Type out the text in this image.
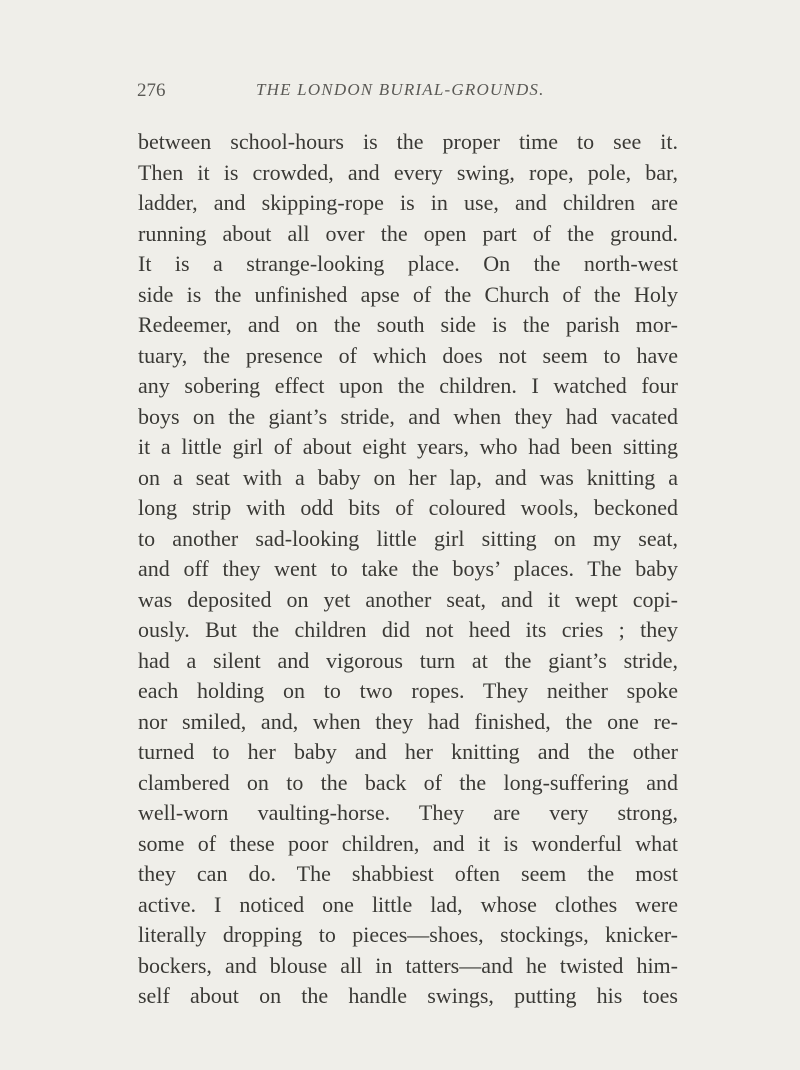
276	THE LONDON BURIAL-GROUNDS.
between school-hours is the proper time to see it.
Then it is crowded, and every swing, rope, pole, bar,
ladder, and skipping-rope is in use, and children are
running about all over the open part of the ground.
It is a strange-looking place. On the north-west
side is the unfinished apse of the Church of the Holy
Redeemer, and on the south side is the parish mor-
tuary, the presence of which does not seem to have
any sobering effect upon the children. I watched four
boys on the giant’s stride, and when they had vacated
it a little girl of about eight years, who had been sitting
on a seat with a baby on her lap, and was knitting a
long strip with odd bits of coloured wools, beckoned
to another sad-looking little girl sitting on my seat,
and off they went to take the boys’ places. The baby
was deposited on yet another seat, and it wept copi-
ously. But the children did not heed its cries ; they
had a silent and vigorous turn at the giant’s stride,
each holding on to two ropes. They neither spoke
nor smiled, and, when they had finished, the one re-
turned to her baby and her knitting and the other
clambered on to the back of the long-suffering and
well-worn vaulting-horse. They are very strong,
some of these poor children, and it is wonderful what
they can do. The shabbiest often seem the most
active. I noticed one little lad, whose clothes were
literally dropping to pieces—shoes, stockings, knicker-
bockers, and blouse all in tatters—and he twisted him-
self about on the handle swings, putting his toes
